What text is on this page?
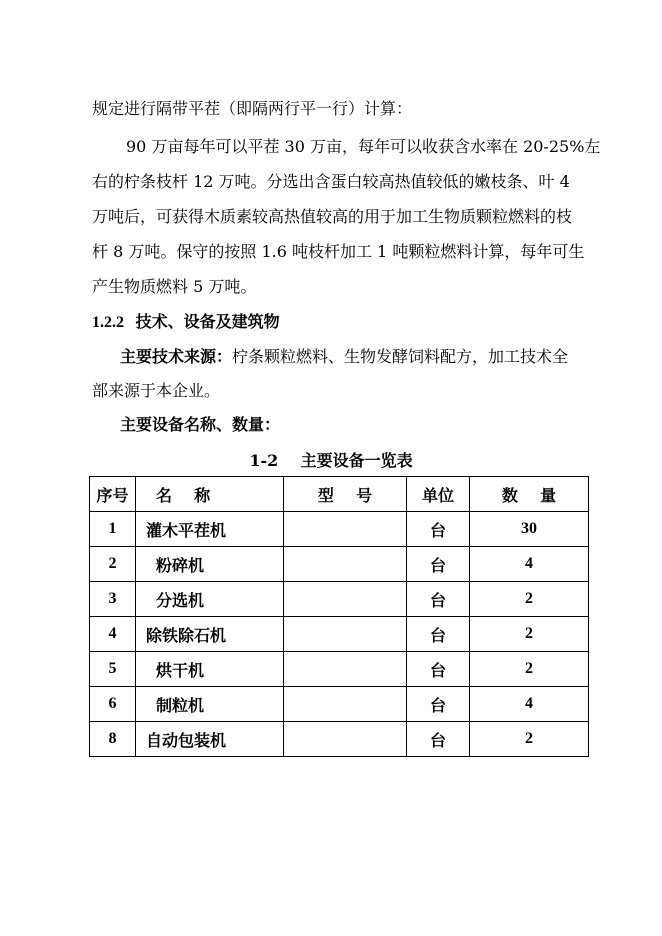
规定进行隔带平茬（即隔两行平一行）计算：
90 万亩每年可以平茬 30 万亩，每年可以收获含水率在 20-25%左
右的柠条枝杆 12 万吨。分选出含蛋白较高热值较低的嫩枝条、叶 4
万吨后，可获得木质素较高热值较高的用于加工生物质颗粒燃料的枝
杆 8 万吨。保守的按照 1.6 吨枝杆加工 1 吨颗粒燃料计算，每年可生
产生物质燃料 5 万吨。
1.2.2 技术、设备及建筑物
主要技术来源：柠条颗粒燃料、生物发酵饲料配方，加工技术全
部来源于本企业。
主要设备名称、数量：
1-2    主要设备一览表
序号	名    称	型    号	单位	数    量
1	灌木平茬机		台	30
2	粉碎机		台	4
3	分选机		台	2
4	除铁除石机		台	2
5	烘干机		台	2
6	制粒机		台	4
8	自动包装机		台	2
